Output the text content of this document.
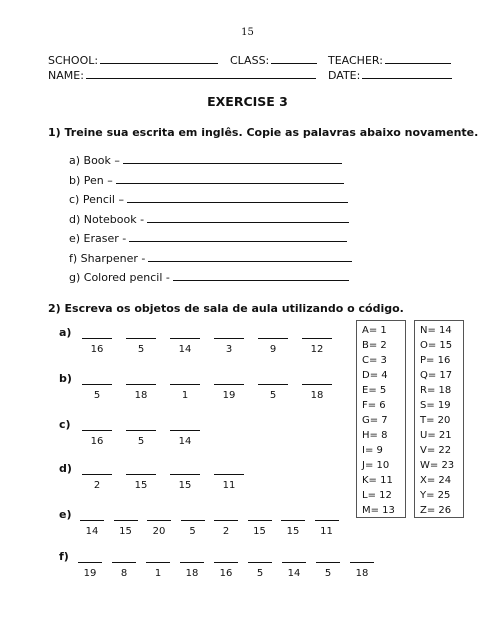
15
SCHOOL:	CLASS:	TEACHER:
NAME:	DATE:
EXERCISE 3
1) Treine sua escrita em inglês. Copie as palavras abaixo novamente.
a) Book –
b) Pen –
c) Pencil –
d) Notebook -
e) Eraser -
f) Sharpener -
g) Colored pencil -
2) Escreva os objetos de sala de aula utilizando o código.
a)
16	5	14	3	9	12
b)
5	18	1	19	5	18
c)
16	5	14
d)
2	15	15	11
e)
14	15	20	5	2	15	15	11
f)
19	8	1	18	16	5	14	5	18
A= 1
B= 2
C= 3
D= 4
E= 5
F= 6
G= 7
H= 8
I= 9
J= 10
K= 11
L= 12
M= 13
N= 14
O= 15
P= 16
Q= 17
R= 18
S= 19
T= 20
U= 21
V= 22
W= 23
X= 24
Y= 25
Z= 26
